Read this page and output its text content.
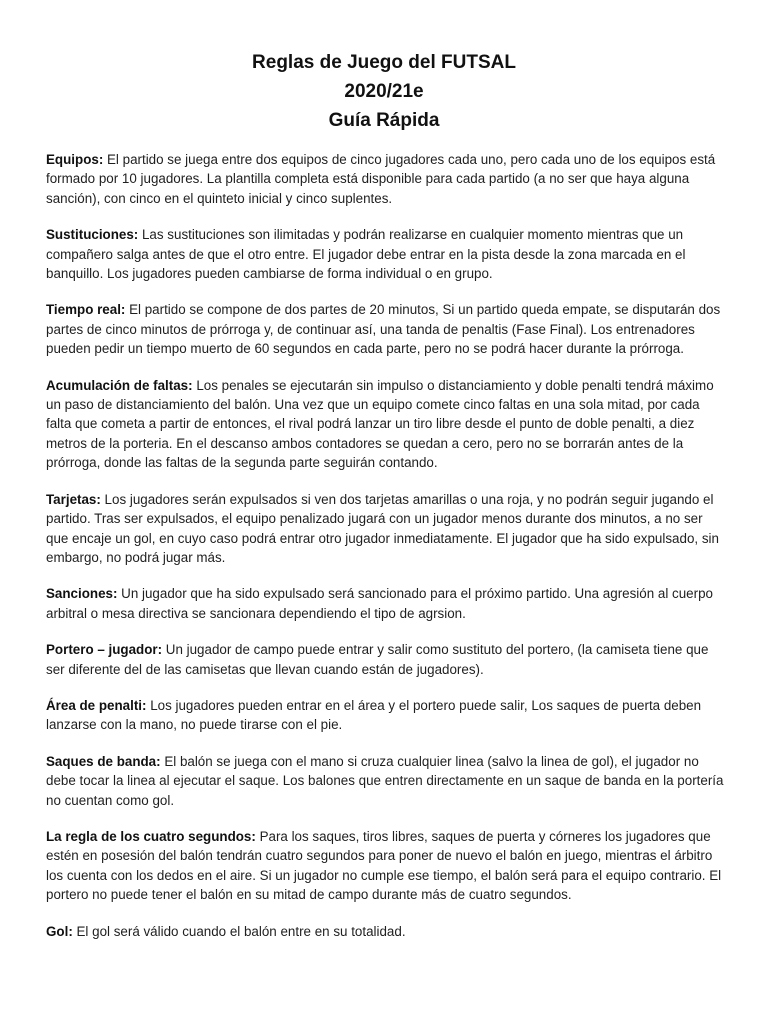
Reglas de Juego del FUTSAL
2020/21e
Guía Rápida

Equipos: El partido se juega entre dos equipos de cinco jugadores cada uno, pero cada uno de los equipos está formado por 10 jugadores. La plantilla completa está disponible para cada partido (a no ser que haya alguna sanción), con cinco en el quinteto inicial y cinco suplentes.

Sustituciones: Las sustituciones son ilimitadas y podrán realizarse en cualquier momento mientras que un compañero salga antes de que el otro entre. El jugador debe entrar en la pista desde la zona marcada en el banquillo. Los jugadores pueden cambiarse de forma individual o en grupo.

Tiempo real: El partido se compone de dos partes de 20 minutos, Si un partido queda empate, se disputarán dos partes de cinco minutos de prórroga y, de continuar así, una tanda de penaltis (Fase Final). Los entrenadores pueden pedir un tiempo muerto de 60 segundos en cada parte, pero no se podrá hacer durante la prórroga.

Acumulación de faltas: Los penales se ejecutarán sin impulso o distanciamiento y doble penalti tendrá máximo un paso de distanciamiento del balón. Una vez que un equipo comete cinco faltas en una sola mitad, por cada falta que cometa a partir de entonces, el rival podrá lanzar un tiro libre desde el punto de doble penalti, a diez metros de la porteria. En el descanso ambos contadores se quedan a cero, pero no se borrarán antes de la prórroga, donde las faltas de la segunda parte seguirán contando.

Tarjetas: Los jugadores serán expulsados si ven dos tarjetas amarillas o una roja, y no podrán seguir jugando el partido. Tras ser expulsados, el equipo penalizado jugará con un jugador menos durante dos minutos, a no ser que encaje un gol, en cuyo caso podrá entrar otro jugador inmediatamente. El jugador que ha sido expulsado, sin embargo, no podrá jugar más.

Sanciones: Un jugador que ha sido expulsado será sancionado para el próximo partido. Una agresión al cuerpo arbitral o mesa directiva se sancionara dependiendo el tipo de agrsion.

Portero – jugador: Un jugador de campo puede entrar y salir como sustituto del portero, (la camiseta tiene que ser diferente del de las camisetas que llevan cuando están de jugadores).

Área de penalti: Los jugadores pueden entrar en el área y el portero puede salir, Los saques de puerta deben lanzarse con la mano, no puede tirarse con el pie.

Saques de banda: El balón se juega con el mano si cruza cualquier linea (salvo la linea de gol), el jugador no debe tocar la linea al ejecutar el saque. Los balones que entren directamente en un saque de banda en la portería no cuentan como gol.

La regla de los cuatro segundos: Para los saques, tiros libres, saques de puerta y córneres los jugadores que estén en posesión del balón tendrán cuatro segundos para poner de nuevo el balón en juego, mientras el árbitro los cuenta con los dedos en el aire. Si un jugador no cumple ese tiempo, el balón será para el equipo contrario. El portero no puede tener el balón en su mitad de campo durante más de cuatro segundos.

Gol: El gol será válido cuando el balón entre en su totalidad.
